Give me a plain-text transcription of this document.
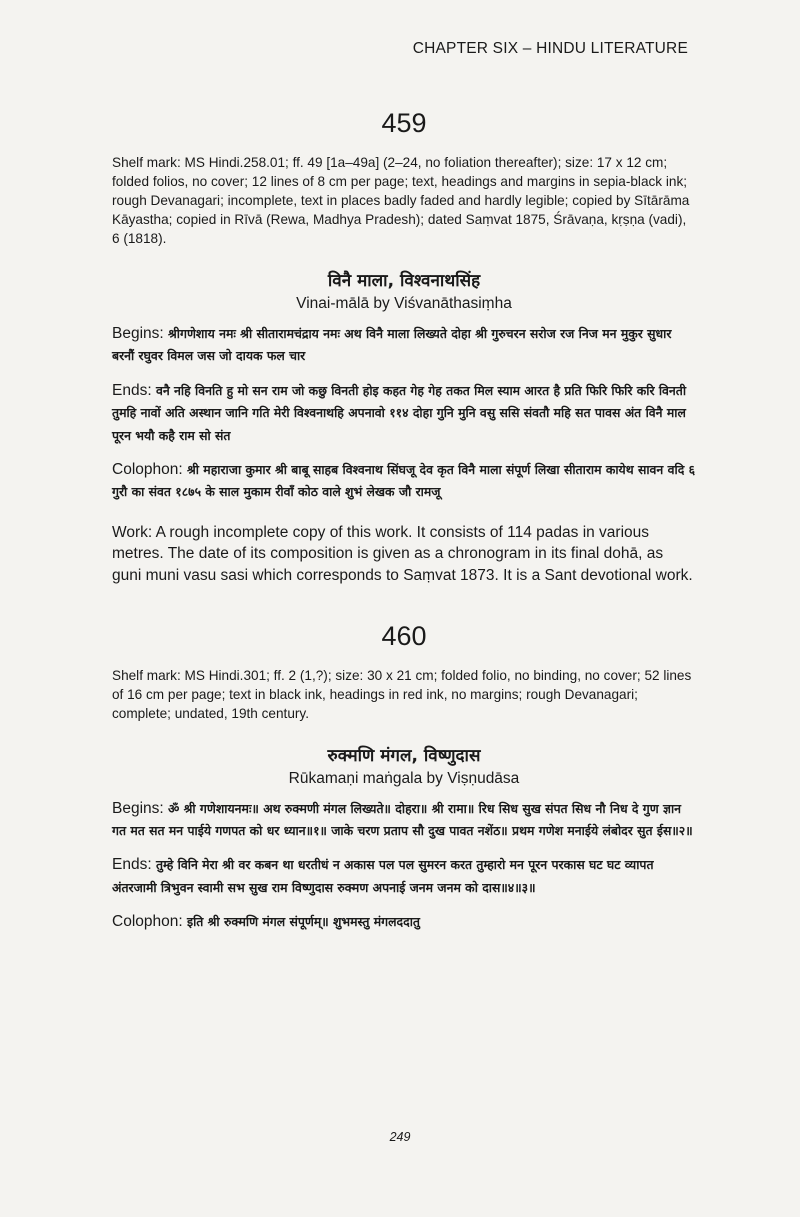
CHAPTER SIX – HINDU LITERATURE
459

Shelf mark: MS Hindi.258.01; ff. 49 [1a–49a] (2–24, no foliation thereafter); size: 17 x 12 cm; folded folios, no cover; 12 lines of 8 cm per page; text, headings and margins in sepia-black ink; rough Devanagari; incomplete, text in places badly faded and hardly legible; copied by Sītārāma Kāyastha; copied in Rīvā (Rewa, Madhya Pradesh); dated Saṃvat 1875, Śrāvaṇa, kṛṣṇa (vadi), 6 (1818).

विनै माला, विश्वनाथसिंह
Vinai-mālā by Viśvanāthasiṃha

Begins: श्रीगणेशाय नमः श्री सीतारामचंद्राय नमः अथ विनै माला लिख्यते दोहा श्री गुरुचरन सरोज रज निज मन मुकुर सुधार बरनौं रघुवर विमल जस जो दायक फल चार

Ends: वनै नहि विनति हु मो सन राम जो कछु विनती होइ कहत गेह गेह तकत मिल स्याम आरत है प्रति फिरि फिरि करि विनती तुमहि नावों अति अस्थान जानि गति मेरी विश्वनाथहि अपनावो ११४ दोहा गुनि मुनि वसु ससि संवतौ महि सत पावस अंत विनै माल पूरन भयौ कहै राम सो संत

Colophon: श्री महाराजा कुमार श्री बाबू साहब विश्वनाथ सिंघजू देव कृत विनै माला संपूर्ण लिखा सीताराम कायेथ सावन वदि ६ गुरौ का संवत १८७५ के साल मुकाम रीवाँ कोठ वाले शुभं लेखक जौ रामजू

Work: A rough incomplete copy of this work. It consists of 114 padas in various metres. The date of its composition is given as a chronogram in its final dohā, as guni muni vasu sasi which corresponds to Saṃvat 1873. It is a Sant devotional work.

460

Shelf mark: MS Hindi.301; ff. 2 (1,?); size: 30 x 21 cm; folded folio, no binding, no cover; 52 lines of 16 cm per page; text in black ink, headings in red ink, no margins; rough Devanagari; complete; undated, 19th century.

रुक्मणि मंगल, विष्णुदास
Rūkamaṇi maṅgala by Viṣṇudāsa

Begins: ॐ श्री गणेशायनमः॥ अथ रुक्मणी मंगल लिख्यते॥ दोहरा॥ श्री रामा॥ रिध सिध सुख संपत सिध नौ निध दे गुण ज्ञान गत मत सत मन पाईये गणपत को धर ध्यान॥१॥ जाके चरण प्रताप सौ दुख पावत नशेंठ॥ प्रथम गणेश मनाईये लंबोदर सुत ईस॥२॥

Ends: तुम्हे विनि मेरा श्री वर कबन था धरतीधं न अकास पल पल सुमरन करत तुम्हारो मन पूरन परकास घट घट व्यापत अंतरजामी त्रिभुवन स्वामी सभ सुख राम विष्णुदास रुक्मण अपनाई जनम जनम को दास॥४॥३॥

Colophon: इति श्री रुक्मणि मंगल संपूर्णम्॥ शुभमस्तु मंगलददातु

249
